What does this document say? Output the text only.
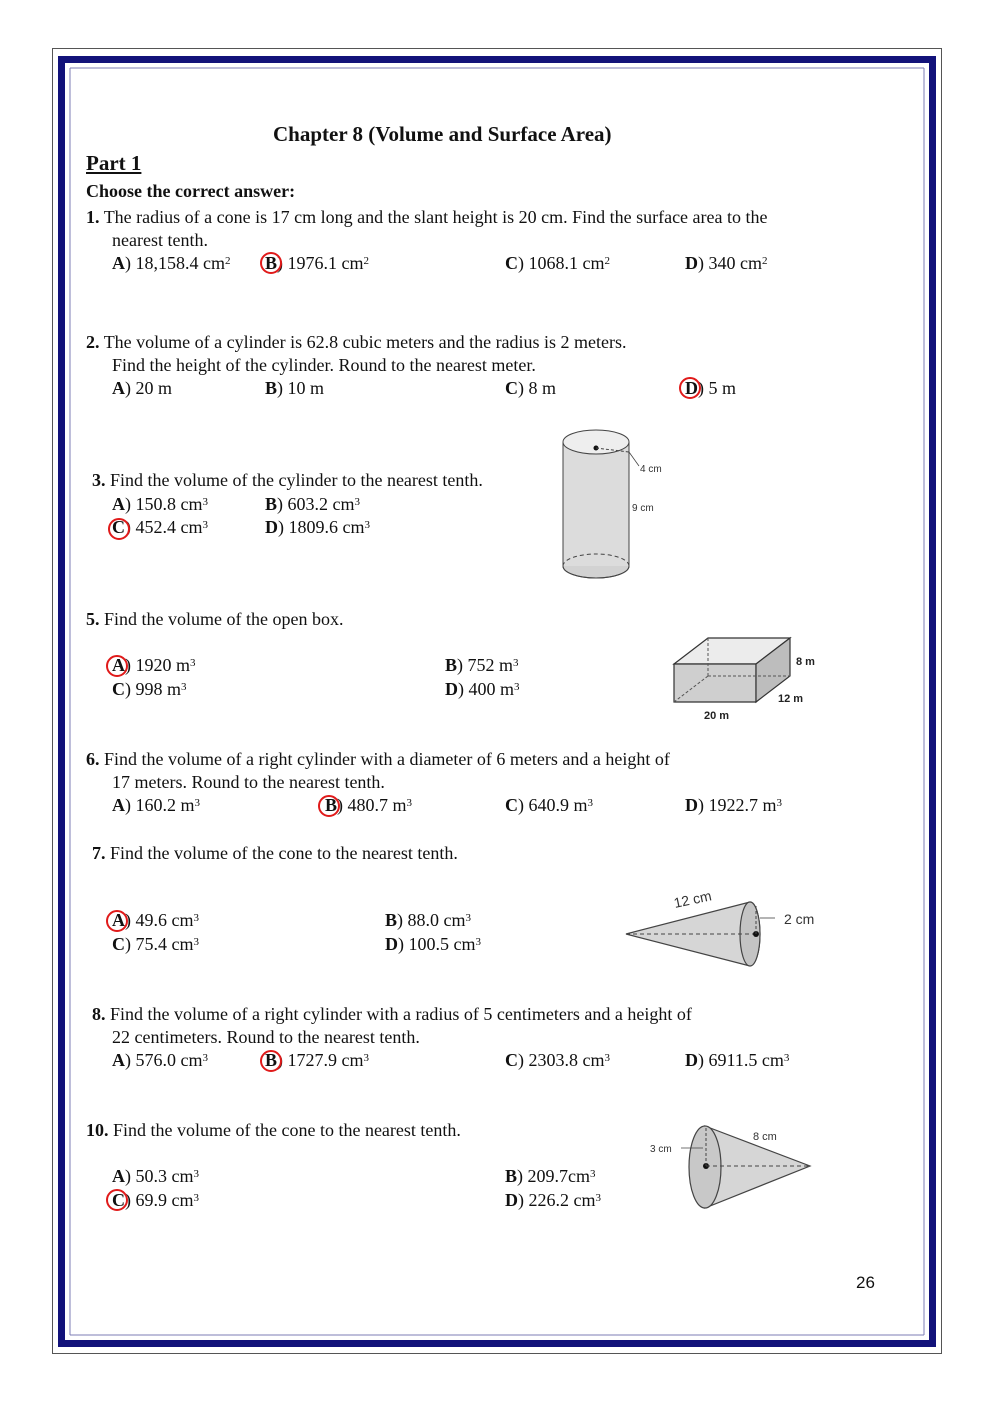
Chapter 8 (Volume and Surface Area)
Part 1
Choose the correct answer:
1. The radius of a cone is 17 cm long and the slant height is 20 cm. Find the surface area to the
nearest tenth.
A) 18,158.4 $cm^2$ B) 1976.1 $cm^2$	C) 1068.1 $cm^2$	D) 340 $cm^2$
2. The volume of a cylinder is 62.8 cubic meters and the radius is 2 meters.
Find the height of the cylinder. Round to the nearest meter.
A) 20 m	B) 10 m	C) 8 m	D) 5 m
3. Find the volume of the cylinder to the nearest tenth.
A) 150.8 $cm^3$	B) 603.2 $cm^3$
C) 452.4 $cm^3$	D) 1809.6 $cm^3$
4 cm
9 cm
5. Find the volume of the open box.
A) 1920 $m^3$	B) 752 $m^3$
C) 998 $m^3$	D) 400 $m^3$
8 m
12 m
20 m
6. Find the volume of a right cylinder with a diameter of 6 meters and a height of
17 meters. Round to the nearest tenth.
A) 160.2 $m^3$	B) 480.7 $m^3$	C) 640.9 $m^3$	D) 1922.7 $m^3$
7. Find the volume of the cone to the nearest tenth.
A) 49.6 $cm^3$	B) 88.0 $cm^3$
C) 75.4 $cm^3$	D) 100.5 $cm^3$
12 cm
2 cm
8. Find the volume of a right cylinder with a radius of 5 centimeters and a height of
22 centimeters. Round to the nearest tenth.
A) 576.0 $cm^3$	B) 1727.9 $cm^3$	C) 2303.8 $cm^3$	D) 6911.5 $cm^3$
10. Find the volume of the cone to the nearest tenth.
A) 50.3 $cm^3$	B) $209.7cm^3$
C) 69.9 $cm^3$	D) 226.2 $cm^3$
3 cm
8 cm
26
